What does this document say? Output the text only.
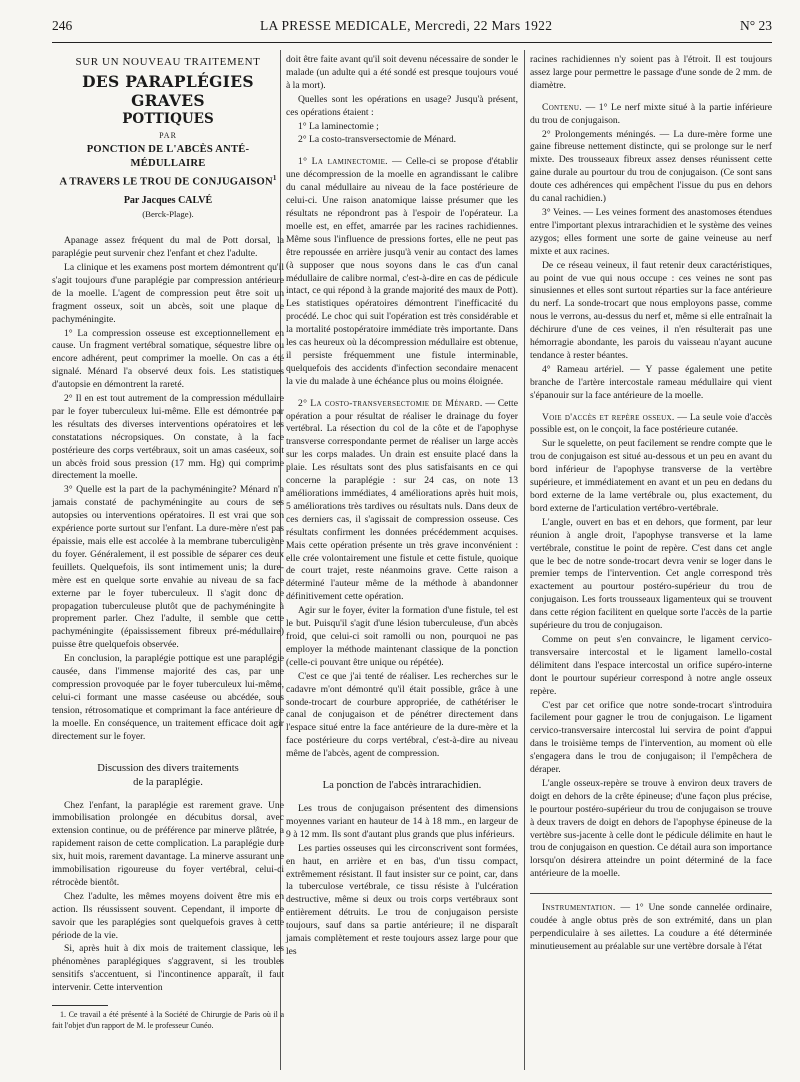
246	LA PRESSE MEDICALE, Mercredi, 22 Mars 1922	N° 23
SUR UN NOUVEAU TRAITEMENT
DES PARAPLÉGIES GRAVES
POTTIQUES
PAR
PONCTION DE L'ABCÈS ANTÉ-MÉDULLAIRE
A TRAVERS LE TROU DE CONJUGAISON$^1$
Par Jacques CALVÉ
(Berck-Plage).

Apanage assez fréquent du mal de Pott dorsal, la paraplégie peut survenir chez l'enfant et chez l'adulte.

La clinique et les examens post mortem démontrent qu'il s'agit toujours d'une paraplégie par compression antérieure de la moelle. L'agent de compression peut être soit un fragment osseux, soit un abcès, soit une plaque de pachyméningite.

1° La compression osseuse est exceptionnellement en cause. Un fragment vertébral somatique, séquestre libre ou encore adhérent, peut comprimer la moelle. On cas a été signalé. Ménard l'a observé deux fois. Les statistiques d'autopsie en démontrent la rareté.

2° Il en est tout autrement de la compression médullaire par le foyer tuberculeux lui-même. Elle est démontrée par les résultats des diverses interventions opératoires et les constatations nécropsiques. On constate, à la face postérieure des corps vertébraux, soit un amas caséeux, soit un abcès froid sous pression (17 mm. Hg) qui comprime directement la moelle.

3° Quelle est la part de la pachyméningite? Ménard n'a jamais constaté de pachyméningite au cours de ses autopsies ou interventions opératoires. Il est vrai que son expérience porte surtout sur l'enfant. La dure-mère n'est pas épaissie, mais elle est accolée à la membrane tuberculigène du foyer. Généralement, il est possible de séparer ces deux feuillets. Quelquefois, ils sont intimement unis; la dure-mère est en quelque sorte envahie au niveau de sa face externe par le foyer tuberculeux. Il s'agit donc de propagation tuberculeuse plutôt que de pachyméningite à proprement parler. Chez l'adulte, il semble que cette pachyméningite (épaississement fibreux pré-médullaire) puisse être quelquefois observée.

En conclusion, la paraplégie pottique est une paraplégie causée, dans l'immense majorité des cas, par une compression provoquée par le foyer tuberculeux lui-même, celui-ci formant une masse caséeuse ou abcédée, sous tension, rétrosomatique et comprimant la face antérieure de la moelle. En conséquence, un traitement efficace doit agir directement sur le foyer.

Discussion des divers traitements
de la paraplégie.

Chez l'enfant, la paraplégie est rarement grave. Une immobilisation prolongée en décubitus dorsal, avec extension continue, ou de préférence par minerve plâtrée, a rapidement raison de cette complication. La paraplégie dure six, huit mois, rarement davantage. La minerve assurant une immobilisation rigoureuse du foyer vertébral, celui-ci rétrocède bientôt.

Chez l'adulte, les mêmes moyens doivent être mis en action. Ils réussissent souvent. Cependant, il importe de savoir que les paraplégies sont quelquefois graves à cette période de la vie.

Si, après huit à dix mois de traitement classique, les phénomènes paraplégiques s'aggravent, si les troubles sensitifs s'accentuent, si l'incontinence apparaît, il faut intervenir. Cette intervention

1. Ce travail a été présenté à la Société de Chirurgie de Paris où il a fait l'objet d'un rapport de M. le professeur Cunéo.

doit être faite avant qu'il soit devenu nécessaire de sonder le malade (un adulte qui a été sondé est presque toujours voué à la mort).

Quelles sont les opérations en usage? Jusqu'à présent, ces opérations étaient :

1° La laminectomie ;

2° La costo-transversectomie de Ménard.

1° La laminectomie. — Celle-ci se propose d'établir une décompression de la moelle en agrandissant le calibre du canal médullaire au niveau de la face postérieure de celui-ci. Une raison anatomique laisse présumer que les résultats ne répondront pas à l'espoir de l'opérateur. La moelle est, en effet, amarrée par les racines rachidiennes. Même sous l'influence de pressions fortes, elle ne peut pas être repoussée en arrière jusqu'à venir au contact des lames (à supposer que nous soyons dans le cas d'un canal médullaire de calibre normal, c'est-à-dire en cas de pédicule intact, ce qui répond à la grande majorité des maux de Pott). Les statistiques opératoires démontrent l'inefficacité du procédé. Le choc qui suit l'opération est très considérable et la mortalité postopératoire immédiate très importante. Dans les cas heureux où la décompression médullaire est obtenue, il persiste fréquemment une fistule interminable, quelquefois des accidents d'infection secondaire menacent la vie du malade à une échéance plus ou moins éloignée.

2° La costo-transversectomie de Ménard. — Cette opération a pour résultat de réaliser le drainage du foyer vertébral. La résection du col de la côte et de l'apophyse transverse correspondante permet de réaliser un large accès sur les corps malades. Un drain est ensuite placé dans la plaie. Les résultats sont des plus satisfaisants en ce qui concerne la paraplégie : sur 24 cas, on note 13 améliorations immédiates, 4 améliorations après huit mois, 5 améliorations très tardives ou résultats nuls. Dans deux de ces derniers cas, il s'agissait de compression osseuse. Ces résultats confirment les données précédemment acquises. Mais cette opération présente un très grave inconvénient : elle crée volontairement une fistule et cette fistule, quoique de court trajet, reste néanmoins grave. Cette raison a déterminé l'auteur même de la méthode à abandonner définitivement cette opération.

Agir sur le foyer, éviter la formation d'une fistule, tel est le but. Puisqu'il s'agit d'une lésion tuberculeuse, d'un abcès froid, que celui-ci soit ramolli ou non, pourquoi ne pas employer la méthode maintenant classique de la ponction (celle-ci pouvant être unique ou répétée).

C'est ce que j'ai tenté de réaliser. Les recherches sur le cadavre m'ont démontré qu'il était possible, grâce à une sonde-trocart de courbure appropriée, de cathétériser le canal de conjugaison et de pénétrer directement dans l'espace situé entre la face antérieure de la dure-mère et la face postérieure du corps vertébral, c'est-à-dire au niveau même de l'abcès, agent de compression.

La ponction de l'abcès intrarachidien.

Les trous de conjugaison présentent des dimensions moyennes variant en hauteur de 14 à 18 mm., en largeur de 9 à 12 mm. Ils sont d'autant plus grands que plus inférieurs.

Les parties osseuses qui les circonscrivent sont formées, en haut, en arrière et en bas, d'un tissu compact, extrêmement résistant. Il faut insister sur ce point, car, dans la tuberculose vertébrale, ce tissu résiste à l'ulcération destructive, même si deux ou trois corps vertébraux sont entièrement détruits. Le trou de conjugaison persiste toujours, sauf dans sa partie antérieure; il ne disparaît jamais complètement et reste toujours assez large pour que les

racines rachidiennes n'y soient pas à l'étroit. Il est toujours assez large pour permettre le passage d'une sonde de 2 mm. de diamètre.

Contenu. — 1° Le nerf mixte situé à la partie inférieure du trou de conjugaison.

2° Prolongements méningés. — La dure-mère forme une gaine fibreuse nettement distincte, qui se prolonge sur le nerf mixte. Des trousseaux fibreux assez denses réunissent cette gaine durale au pourtour du trou de conjugaison. (Ce sont sans doute ces adhérences qui empêchent l'issue du pus en dehors du canal rachidien.)

3° Veines. — Les veines forment des anastomoses étendues entre l'important plexus intrarachidien et le système des veines azygos; elles forment une sorte de gaine veineuse au nerf mixte et aux racines.

De ce réseau veineux, il faut retenir deux caractéristiques, au point de vue qui nous occupe : ces veines ne sont pas sinusiennes et elles sont surtout réparties sur la face antérieure du nerf. La sonde-trocart que nous employons passe, comme nous le verrons, au-dessus du nerf et, même si elle entraînait la déchirure d'une de ces veines, il n'en résulterait pas une hémorragie abondante, les parois du vaisseau n'ayant aucune tendance à rester béantes.

4° Rameau artériel. — Y passe également une petite branche de l'artère intercostale rameau médullaire qui vient s'épanouir sur la face antérieure de la moelle.

Voie d'accès et repère osseux. — La seule voie d'accès possible est, on le conçoit, la face postérieure cutanée.

Sur le squelette, on peut facilement se rendre compte que le trou de conjugaison est situé au-dessous et un peu en avant du bord inférieur de l'apophyse transverse de la vertèbre supérieure, et immédiatement en avant et un peu en dedans du bord externe de la lame vertébrale ou, plus exactement, du bord externe de l'articulation vertébro-vertébrale.

L'angle, ouvert en bas et en dehors, que forment, par leur réunion à angle droit, l'apophyse transverse et la lame vertébrale, constitue le point de repère. C'est dans cet angle que le bec de notre sonde-trocart devra venir se loger dans le premier temps de l'intervention. Cet angle correspond très exactement au pourtour postéro-supérieur du trou de conjugaison. Les forts trousseaux ligamenteux qui se trouvent dans cette région facilitent en quelque sorte l'accès de la partie supérieure du trou de conjugaison.

Comme on peut s'en convaincre, le ligament cervico-transversaire intercostal et le ligament lamello-costal délimitent dans l'espace intercostal un orifice supéro-interne dont le pourtour supérieur correspond à notre angle osseux repère.

C'est par cet orifice que notre sonde-trocart s'introduira facilement pour gagner le trou de conjugaison. Le ligament cervico-transversaire intercostal lui servira de point d'appui dans le troisième temps de l'intervention, au moment où elle s'engagera dans le trou de conjugaison; il l'empêchera de déraper.

L'angle osseux-repère se trouve à environ deux travers de doigt en dehors de la crête épineuse; d'une façon plus précise, le pourtour postéro-supérieur du trou de conjugaison se trouve à deux travers de doigt en dehors de l'apophyse épineuse de la vertèbre sus-jacente à celle dont le pédicule délimite en haut le trou de conjugaison en question. Ce détail aura son importance lorsqu'on désirera atteindre un point déterminé de la face antérieure de la moelle.

Instrumentation. — 1° Une sonde cannelée ordinaire, coudée à angle obtus près de son extrémité, dans un plan perpendiculaire à ses ailettes. La coudure a été déterminée minutieusement au préalable sur une vertèbre dorsale à l'état
